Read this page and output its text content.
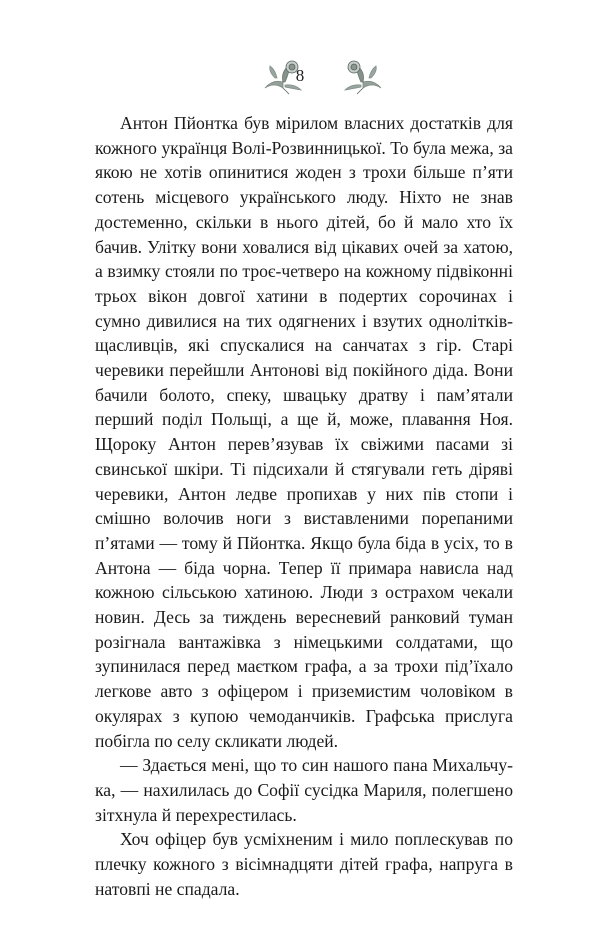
8

Антон Пйонтка був мірилом власних достатків для кожного українця Волі-Розвинницької. То була межа, за якою не хотів опинитися жоден з трохи більше п’яти сотень місцевого українського люду. Ніхто не знав достеменно, скільки в нього дітей, бо й мало хто їх бачив. Улітку вони ховалися від цікавих очей за хатою, а взимку стояли по троє-четверо на кожному підвіконні трьох вікон довгої хатини в подертих сорочинах і сумно дивилися на тих одягнених і взутих однолітків-щасливців, які спускалися на санчатах з гір. Старі черевики перейшли Антонові від покійного діда. Вони бачили болото, спеку, швацьку дратву і пам’ятали перший поділ Польщі, а ще й, може, плавання Ноя. Щороку Антон перев’язував їх свіжими пасами зі свинської шкіри. Ті підсихали й стягували геть діряві черевики, Антон ледве пропихав у них пів стопи і смішно волочив ноги з виставленими порепаними п’ятами — тому й Пйонтка. Якщо була біда в усіх, то в Антона — біда чорна. Тепер її примара нависла над кожною сільською хатиною. Люди з острахом чекали новин. Десь за тиждень вересневий ранковий туман розігнала вантажівка з німецькими солдатами, що зупинилася перед маєтком графа, а за трохи під’їхало легкове авто з офіцером і приземистим чоловіком в окулярах з купою чемоданчиків. Графська прислуга побігла по селу скликати людей.

— Здається мені, що то син нашого пана Михальчука, — нахилилась до Софії сусідка Мариля, полегшено зітхнула й перехрестилась.

Хоч офіцер був усміхненим і мило поплескував по плечку кожного з вісімнадцяти дітей графа, напруга в натовпі не спадала.
